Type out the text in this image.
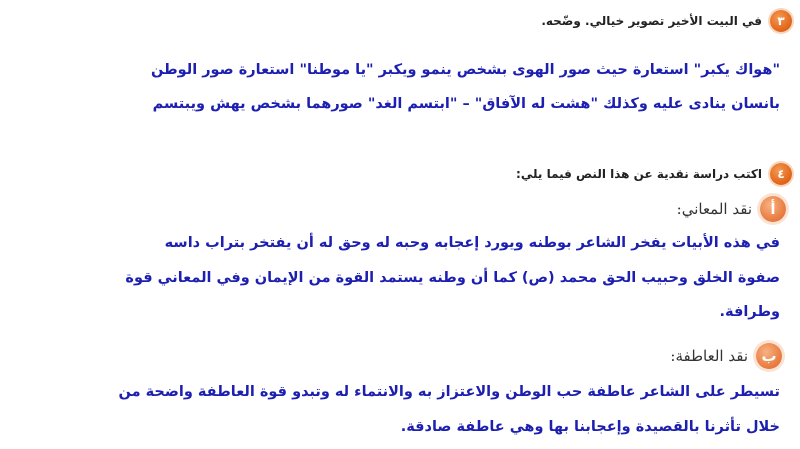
٣
في البيت الأخير تصوير خيالي. وضّحه.
"هواك يكبر" استعارة حيث صور الهوى بشخص ينمو ويكبر "يا موطنا" استعارة صور الوطن
بانسان ينادى عليه وكذلك "هشت له الآفاق" – "ابتسم الغد" صورهما بشخص يهش ويبتسم
٤
اكتب دراسة نقدية عن هذا النص فيما يلي:
أ
نقد المعاني:
في هذه الأبيات يفخر الشاعر بوطنه ويورد إعجابه وحبه له وحق له أن يفتخر بتراب داسه
صفوة الخلق وحبيب الحق محمد (ص) كما أن وطنه يستمد القوة من الإيمان وفي المعاني قوة
وطرافة.
ب
نقد العاطفة:
تسيطر على الشاعر عاطفة حب الوطن والاعتزاز به والانتماء له وتبدو قوة العاطفة واضحة من
خلال تأثرنا بالقصيدة وإعجابنا بها وهي عاطفة صادقة.
